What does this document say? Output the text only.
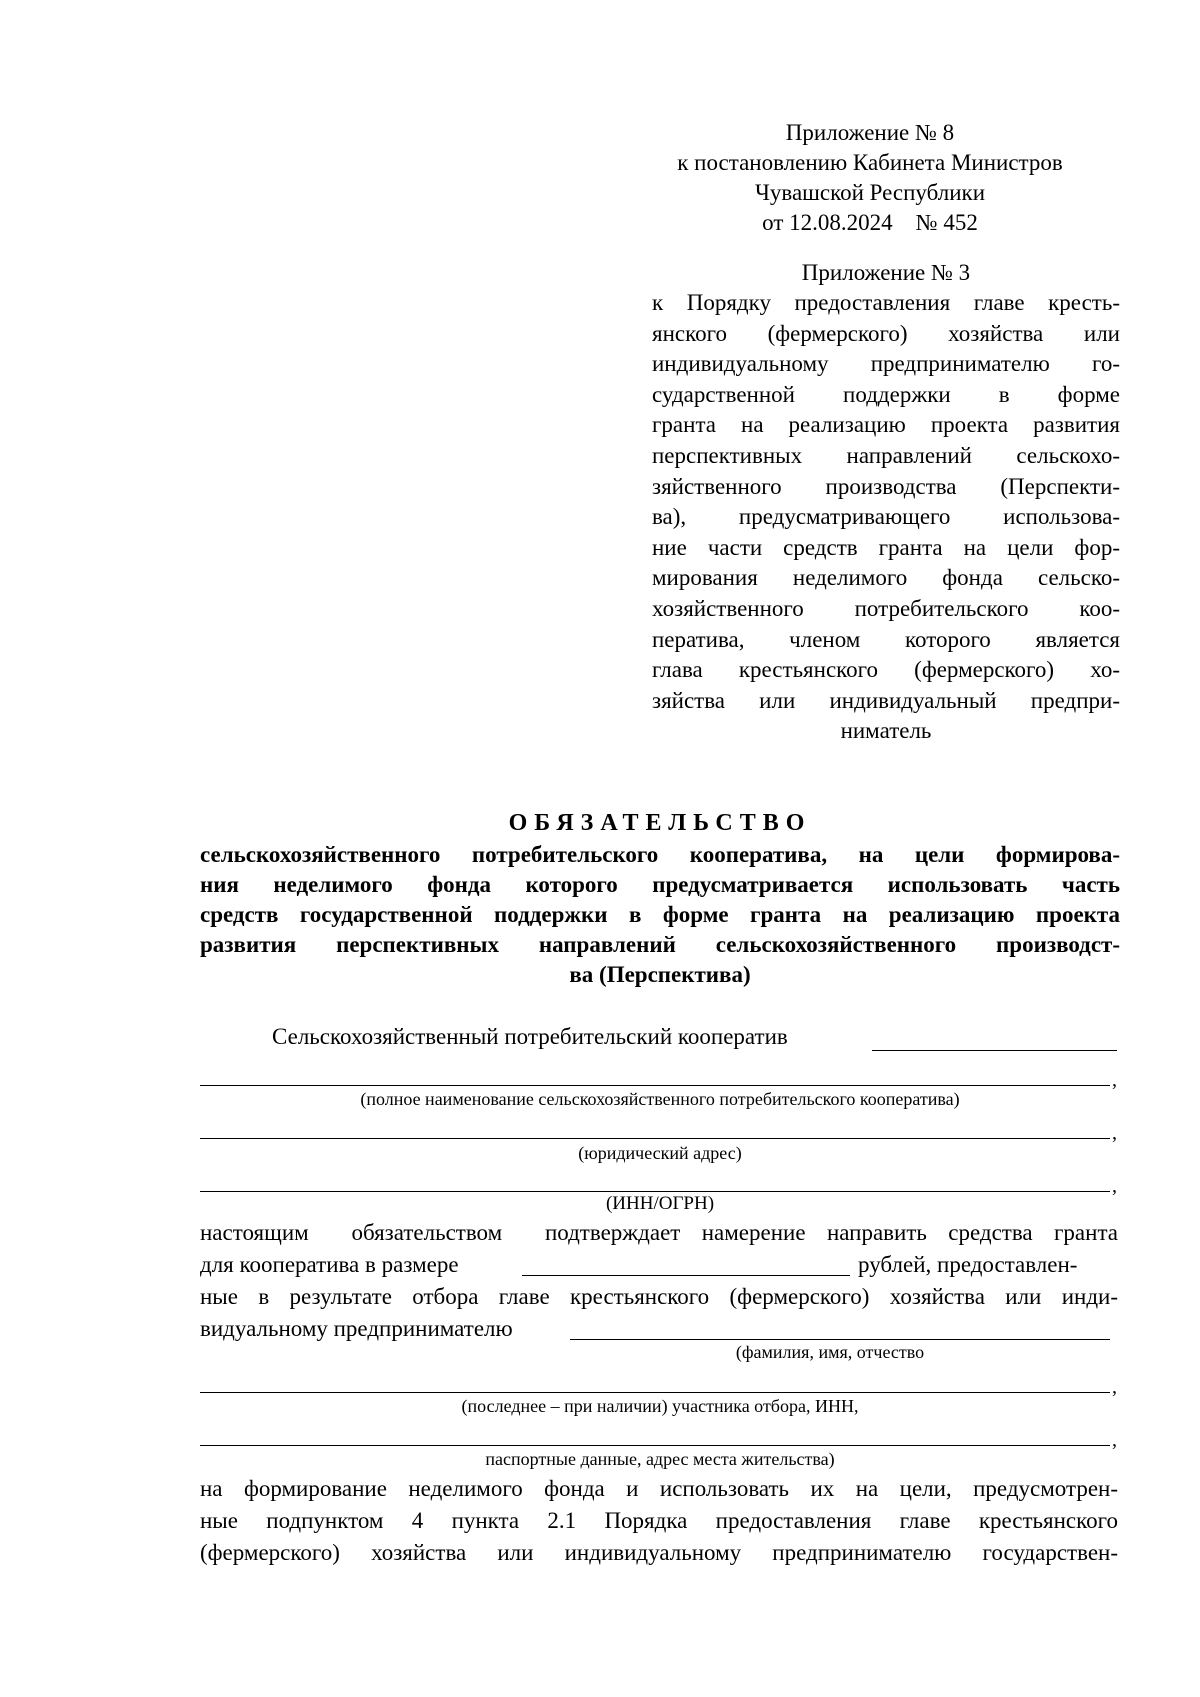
Приложение № 8
к постановлению Кабинета Министров
Чувашской Республики
от 12.08.2024    № 452
Приложение № 3
к Порядку предоставления главе кресть-
янского (фермерского) хозяйства или
индивидуальному предпринимателю го-
сударственной поддержки в форме
гранта на реализацию проекта развития
перспективных направлений сельскохо-
зяйственного производства (Перспекти-
ва), предусматривающего использова-
ние части средств гранта на цели фор-
мирования неделимого фонда сельско-
хозяйственного потребительского коо-
ператива, членом которого является
глава крестьянского (фермерского) хо-
зяйства или индивидуальный предпри-
ниматель
ОБЯЗАТЕЛЬСТВО
сельскохозяйственного потребительского кооператива, на цели формирова-
ния неделимого фонда которого предусматривается использовать часть
средств государственной поддержки в форме гранта на реализацию проекта
развития перспективных направлений сельскохозяйственного производст-
ва (Перспектива)
Сельскохозяйственный потребительский кооператив
,
(полное наименование сельскохозяйственного потребительского кооператива)
,
(юридический адрес)
,
(ИНН/ОГРН)
настоящим  обязательством  подтверждает намерение направить средства гранта
для кооператива в размере	рублей, предоставлен-
ные в результате отбора главе крестьянского (фермерского) хозяйства или инди-
видуальному предпринимателю
(фамилия, имя, отчество
,
(последнее – при наличии) участника отбора, ИНН,
,
паспортные данные, адрес места жительства)
на формирование неделимого фонда и использовать их на цели, предусмотрен-
ные подпунктом 4 пункта 2.1 Порядка предоставления главе крестьянского
(фермерского) хозяйства или индивидуальному предпринимателю государствен-
